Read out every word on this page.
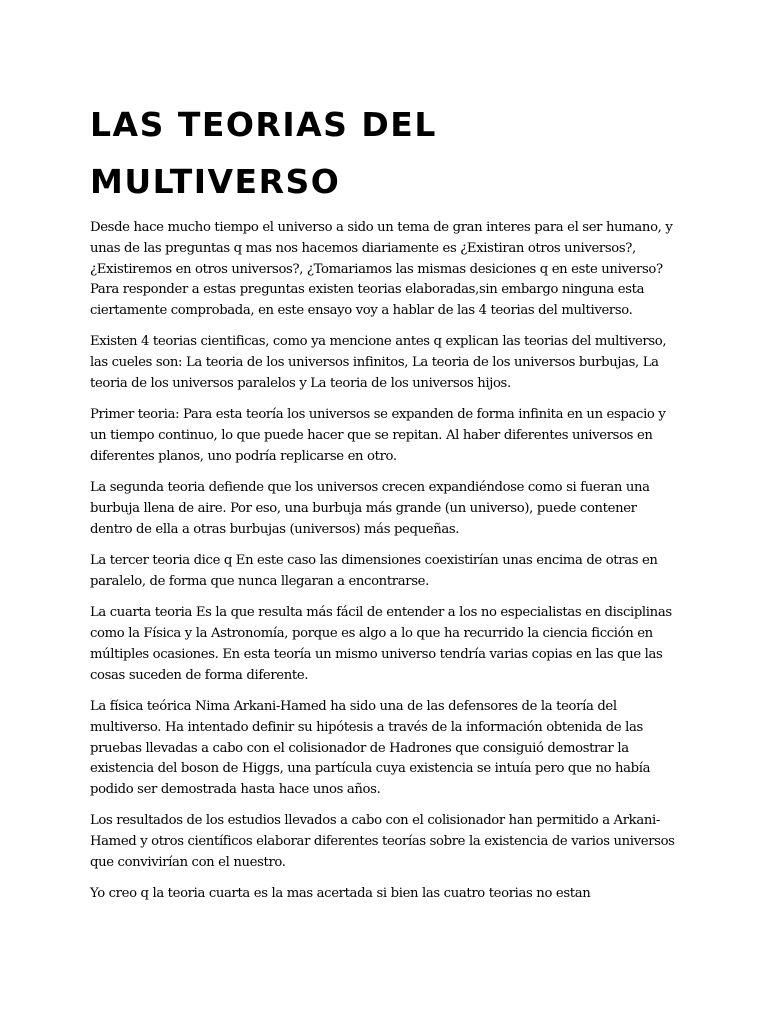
LAS TEORIAS DEL MULTIVERSO

Desde hace mucho tiempo el universo a sido un tema de gran interes para el ser humano, y unas de las preguntas q mas nos hacemos diariamente es ¿Existiran otros universos?, ¿Existiremos en otros universos?, ¿Tomariamos las mismas desiciones q en este universo? Para responder a estas preguntas existen teorias elaboradas,sin embargo ninguna esta ciertamente comprobada, en este ensayo voy a hablar de las 4 teorias del multiverso.

Existen 4 teorias cientificas, como ya mencione antes q explican las teorias del multiverso, las cueles son: La teoria de los universos infinitos, La teoria de los universos burbujas, La teoria de los universos paralelos y La teoria de los universos hijos.

Primer teoria: Para esta teoría los universos se expanden de forma infinita en un espacio y un tiempo continuo, lo que puede hacer que se repitan. Al haber diferentes universos en diferentes planos, uno podría replicarse en otro.

La segunda teoria defiende que los universos crecen expandiéndose como si fueran una burbuja llena de aire. Por eso, una burbuja más grande (un universo), puede contener dentro de ella a otras burbujas (universos) más pequeñas.

La tercer teoria dice q En este caso las dimensiones coexistirían unas encima de otras en paralelo, de forma que nunca llegaran a encontrarse.

La cuarta teoria Es la que resulta más fácil de entender a los no especialistas en disciplinas como la Física y la Astronomía, porque es algo a lo que ha recurrido la ciencia ficción en múltiples ocasiones. En esta teoría un mismo universo tendría varias copias en las que las cosas suceden de forma diferente.

La física teórica Nima Arkani-Hamed ha sido una de las defensores de la teoría del multiverso. Ha intentado definir su hipótesis a través de la información obtenida de las pruebas llevadas a cabo con el colisionador de Hadrones que consiguió demostrar la existencia del boson de Higgs, una partícula cuya existencia se intuía pero que no había podido ser demostrada hasta hace unos años.

Los resultados de los estudios llevados a cabo con el colisionador han permitido a Arkani-Hamed y otros científicos elaborar diferentes teorías sobre la existencia de varios universos que convivirían con el nuestro.

Yo creo q la teoria cuarta es la mas acertada si bien las cuatro teorias no estan
